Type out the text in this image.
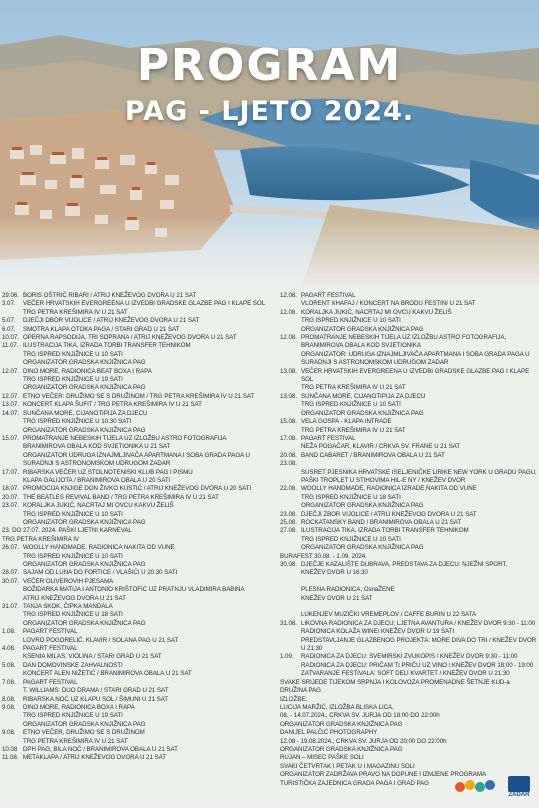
PROGRAM
PAG - LJETO 2024.
29.06. BORIS OŠTRIĆ RIBARI / ATRIJ KNEŽEVOG DVORA U 21 SAT
3.07.	VEČER HRVATSKIH EVERGREENA U IZVEDBI GRADSKE GLAZBE PAG I KLAPE SOL
TRG PETRA KREŠIMIRA IV U 21 SAT
5.07.	DJEČJI DBOR VIJOLICE / ATRIJ KNEŽEVOG DVORA U 21 SAT
6.07.	SMOTRA KLAPA OTOKA PAGA / STARI GRAD U 21 SAT
10.07. OPERNA RAPSODIJA, TRI SOPRANA / ATRIJ KNEŽEVOG DVORA U 21 SAT
11.07. ILUSTRACIJA TIKA, IZRADA TORBI TRANSFER TEHNIKOM
TRG ISPRED KNJIŽNICE U 10 SATI
ORGANIZATOR GRADSKA KNJIŽNICA PAG
12.07. DINO MORE, RADIONICA BEAT BOXA I RAPA
TRG ISPRED KNJIŽNICE U 19 SATI
ORGANIZATOR GRADSKA KNJIŽNICA PAG
12.07. ETNO VEČER: DRUŽIMO SE S DRUŽINOM / TRG PETRA KREŠIMIRA IV U 21 SAT
13.07. KONCERT KLAPA ŠUFIT / TRG PETRA KREŠIMIRA IV U 21 SAT
14.07. SUNČANA MORE, CIJANOTIPIJA ZA DJECU
TRG ISPRED KNJIŽNICE U 10:30 SATI
ORGANIZATOR GRADSKA KNJIŽNICA PAG
15.07. PROMATRANJE NEBESKIH TIJELA UZ IZLOŽBU ASTRO FOTOGRAFIJA
BRANIMIROVA OBALA KOD SVJETIONIKA U 21 SAT
ORGANIZATOR UDRUGA IZNAJMLJIVAČA APARTMANA I SOBA GRADA PAGA U
SURADNJI S ASTRONOMSKOM UDRUGOM ZADAR
17.07. RIBARSKA VEČER UZ STOLNOTENISKI KLUB PAG I PISMU
KLAPA GALIJOTA / BRANIMIROVA OBALA U 20 SATI
18.07. PROMOCIJA KNJIGE DON ŽIVKO KUSTIĆ / ATRIJ KNEŽEVOG DVORA U 20 SATI
20.07. THE BEATLES REVIVAL BAND / TRG PETRA KREŠIMIRA IV U 21 SAT
23.07. KORALJKA JUKIĆ, NACRTAJ MI OVCU KAKVU ŽELIŠ
TRG ISPRED KNJIŽNICE U 10 SATI
ORGANIZATOR GRADSKA KNJIŽNICA PAG
23. DO 27.07. 2024. PAŠKI LJETNI KARNEVAL
TRG PETRA KREŠIMIRA IV
26.07. WOOLLY HANDMADE, RADIONICA NAKITA OD VUNE
TRG ISPRED KNJIŽNICE U 10 SATI
ORGANIZATOR GRADSKA KNJIŽNICA PAG
28.07. SAJAM OD LUNA DO FORTICE / VLAŠIĆI U 20:30 SATI
30.07. VEČER OLIVEROVIH PJESAMA
BOŽIDARKA MATIJA I ANTONIO KRIŠTOFIĆ UZ PRATNJU VLADIMIRA BABINA
ATRIJ KNEŽEVOG DVORA U 21 SAT
31.07. TANJA SKOK, ČIPKA MANDALA
TRG ISPRED KNJIŽNICE U 18 SATI
ORGANIZATOR GRADSKA KNJIŽNICA PAG
1.08.	PAGART FESTIVAL
LOVRO POGORELIĆ, KLAVIR / SOLANA PAG U 21 SAT
4.08.	PAGART FESTIVAL
KSENIA MILAS, VIOLINA / STARI GRAD U 21 SAT
5.08.	DAN DOMOVINSKE ZAHVALNOSTI
KONCERT ALEN NIŽETIĆ / BRANIMIROVA OBALA U 21 SAT
7.08.	PAGART FESTIVAL
T. WILLIAMS: DUO DRAMA / STARI GRAD U 21 SAT
8.08.	RIBARSKA NOĆ UZ KLAPU SOL / ŠIMUNI U 21 SAT
9.08.	DINO MORE, RADIONICA BOXA I RAPA
TRG ISPRED KNJIŽNICE U 19 SATI
ORGANIZATOR GRADSKA KNJIŽNICA PAG
9.08.	ETNO VEČER, DRUŽIMO SE S DRUŽINOM
TRG PETRA KREŠIMIRA IV U 21 SAT
10.08 DPH PAG, BILA NOĆ / BRANIMIROVA OBALA U 21 SAT
11.08. METAKLAPA / ATRIJ KNEŽEVOG DVORA U 21 SAT
12.08. PAGART FESTIVAL
VLORENT XHAFAJ / KONCERT NA BRODU FESTINI U 21 SAT
12.08. KORALJKA JUKIĆ, NACRTAJ MI OVCU KAKVU ŽELIŠ
TRG ISPRED KNJIŽNICE U 10 SATI
ORGANIZATOR GRADSKA KNJIŽNICA PAG
12.08. PROMATRANJE NEBESKIH TIJELA UZ IZLOŽBU ASTRO FOTOGRAFIJA,
BRANIMIROVA OBALA KOD SVJETIONIKA
ORGANIZATOR: UDRUGA IZNAJMLJIVAČA APARTMANA I SOBA GRADA PAGA U
SURADNJI S ASTRONOMSKOM UDRUGOM ZADAR
13.08. VEČER HRVATSKIH EVERGREENA U IZVEDBI GRADSKE GLAZBE PAG I KLAPE SOL
TRG PETRA KREŠIMIRA IV U 21 SAT
13.08. SUNČANA MORE, CIJANOTIPIJA ZA DJECU
TRG ISPRED KNJIŽNICE U 10 SATI
ORGANIZATOR GRADSKA KNJIŽNICA PAG
15.08. VELA GOSPA - KLAPA INTRADE
TRG PETRA KREŠIMIRA IV U 21 SAT
17.08. PAGART FESTIVAL
NEŽA POGAČAR, KLAVIR / CRKVA SV. FRANE U 21 SAT
20.08. BAND CABARET / BRANIMIROVA OBALA U 21 SAT
23.08.
SUSRET PJESNIKA HRVATSKE ISELJENIČKE LIRIKE NEW YORK U GRADU PAGU,
PAŠKI TROPLET U STIHOVIMA HIL-E NY / KNEŽEV DVOR
22.08. WOOLLY HANDMADE, RADIONICA IZRADE NAKITA OD VUNE
TRG ISPRED KNJIŽNICE U 18 SATI
ORGANIZATOR GRADSKA KNJIŽNICA PAG
23.08. DJEČJI ZBOR VIJOLICE / ATRIJ KNEŽEVOG DVORA U 21 SAT
25.08. ROCKATANSKY BAND / BRANIMIROVA OBALA U 21 SAT
27.08. ILUSTRACIJA TIKA, IZRADA TORBI TRANSFER TEHNIKOM
TRG ISPRED KNJIŽNICE U 10 SATI
ORGANIZATOR GRADSKA KNJIŽNICA PAG
BURAFEST 30.08. - 1.09. 2024.
30.08. DJEČJE KAZALIŠTE DUBRAVA, PREDSTAVA ZA DJECU: NJEŽNI SPORT,
KNEŽEV DVOR U 16:30

PLESNA RADIONICA, OsnaŽENE
KNEŽEV DVOR U 21 SAT

LUKENJEV MUZIČKI VREMEPLOV / CAFFE BURIN U 22 SATA
31.08. LIKOVNA RADIONICA ZA DJECU: LJETNA AVANTURA / KNEŽEV DVOR 9:30 - 11:00
RADIONICA KOLAŽA WINE/ KNEŽEV DVOR U 19 SATI
PREDSTAVLJANJE GLAZBENOG PROJEKTA: MORE DIVA DO TRI / KNEŽEV DVOR U 21:30
1.09.	RADIONICA ZA DJECU: SVEMIRSKI ZVUKOPIS / KNEŽEV DVOR 9:30 - 11:00
RADIONICA ZA DJECU: PRIČAM TI PRIČU UZ VINO / KNEŽEV DVOR 18:00 - 19:00
ZATVARANJE FESTIVALA: SOFT DELI KVARTET / KNEŽEV DVOR U 21:30
SVAKE SRIJEDE TIJEKOM SRPNJA I KOLOVOZA PROMENADNE ŠETNJE KUD-a
DRUŽINA PAG
IZLOŽBE:
LUCIJA MARŽIĆ, IZLOŽBA BLISKA LICA,
08. - 14.07.2024., CRKVA SV. JURJA OD 18:00 DO 22:00h
ORGANIZATOR GRADSKA KNJIŽNICA PAG
DANIJEL PALČIĆ PHOTOGRAPHY
12.08 - 19.08.2024., CRKVA SV. JURJA OD 20:00 DO 22:00h
ORGANIZATOR GRADSKA KNJIŽNICA PAG
RUJAN – MISEC PAŠKE SOLI
SVAKI ČETVRTAK I PETAK U I MAGAZINU SOLI
ORGANIZATOR ZADRŽAVA PRAVO NA DOPUNE I IZMJENE PROGRAMA
TURISTIČKA ZAJEDNICA GRADA PAGA I GRAD PAG
ZADAR
